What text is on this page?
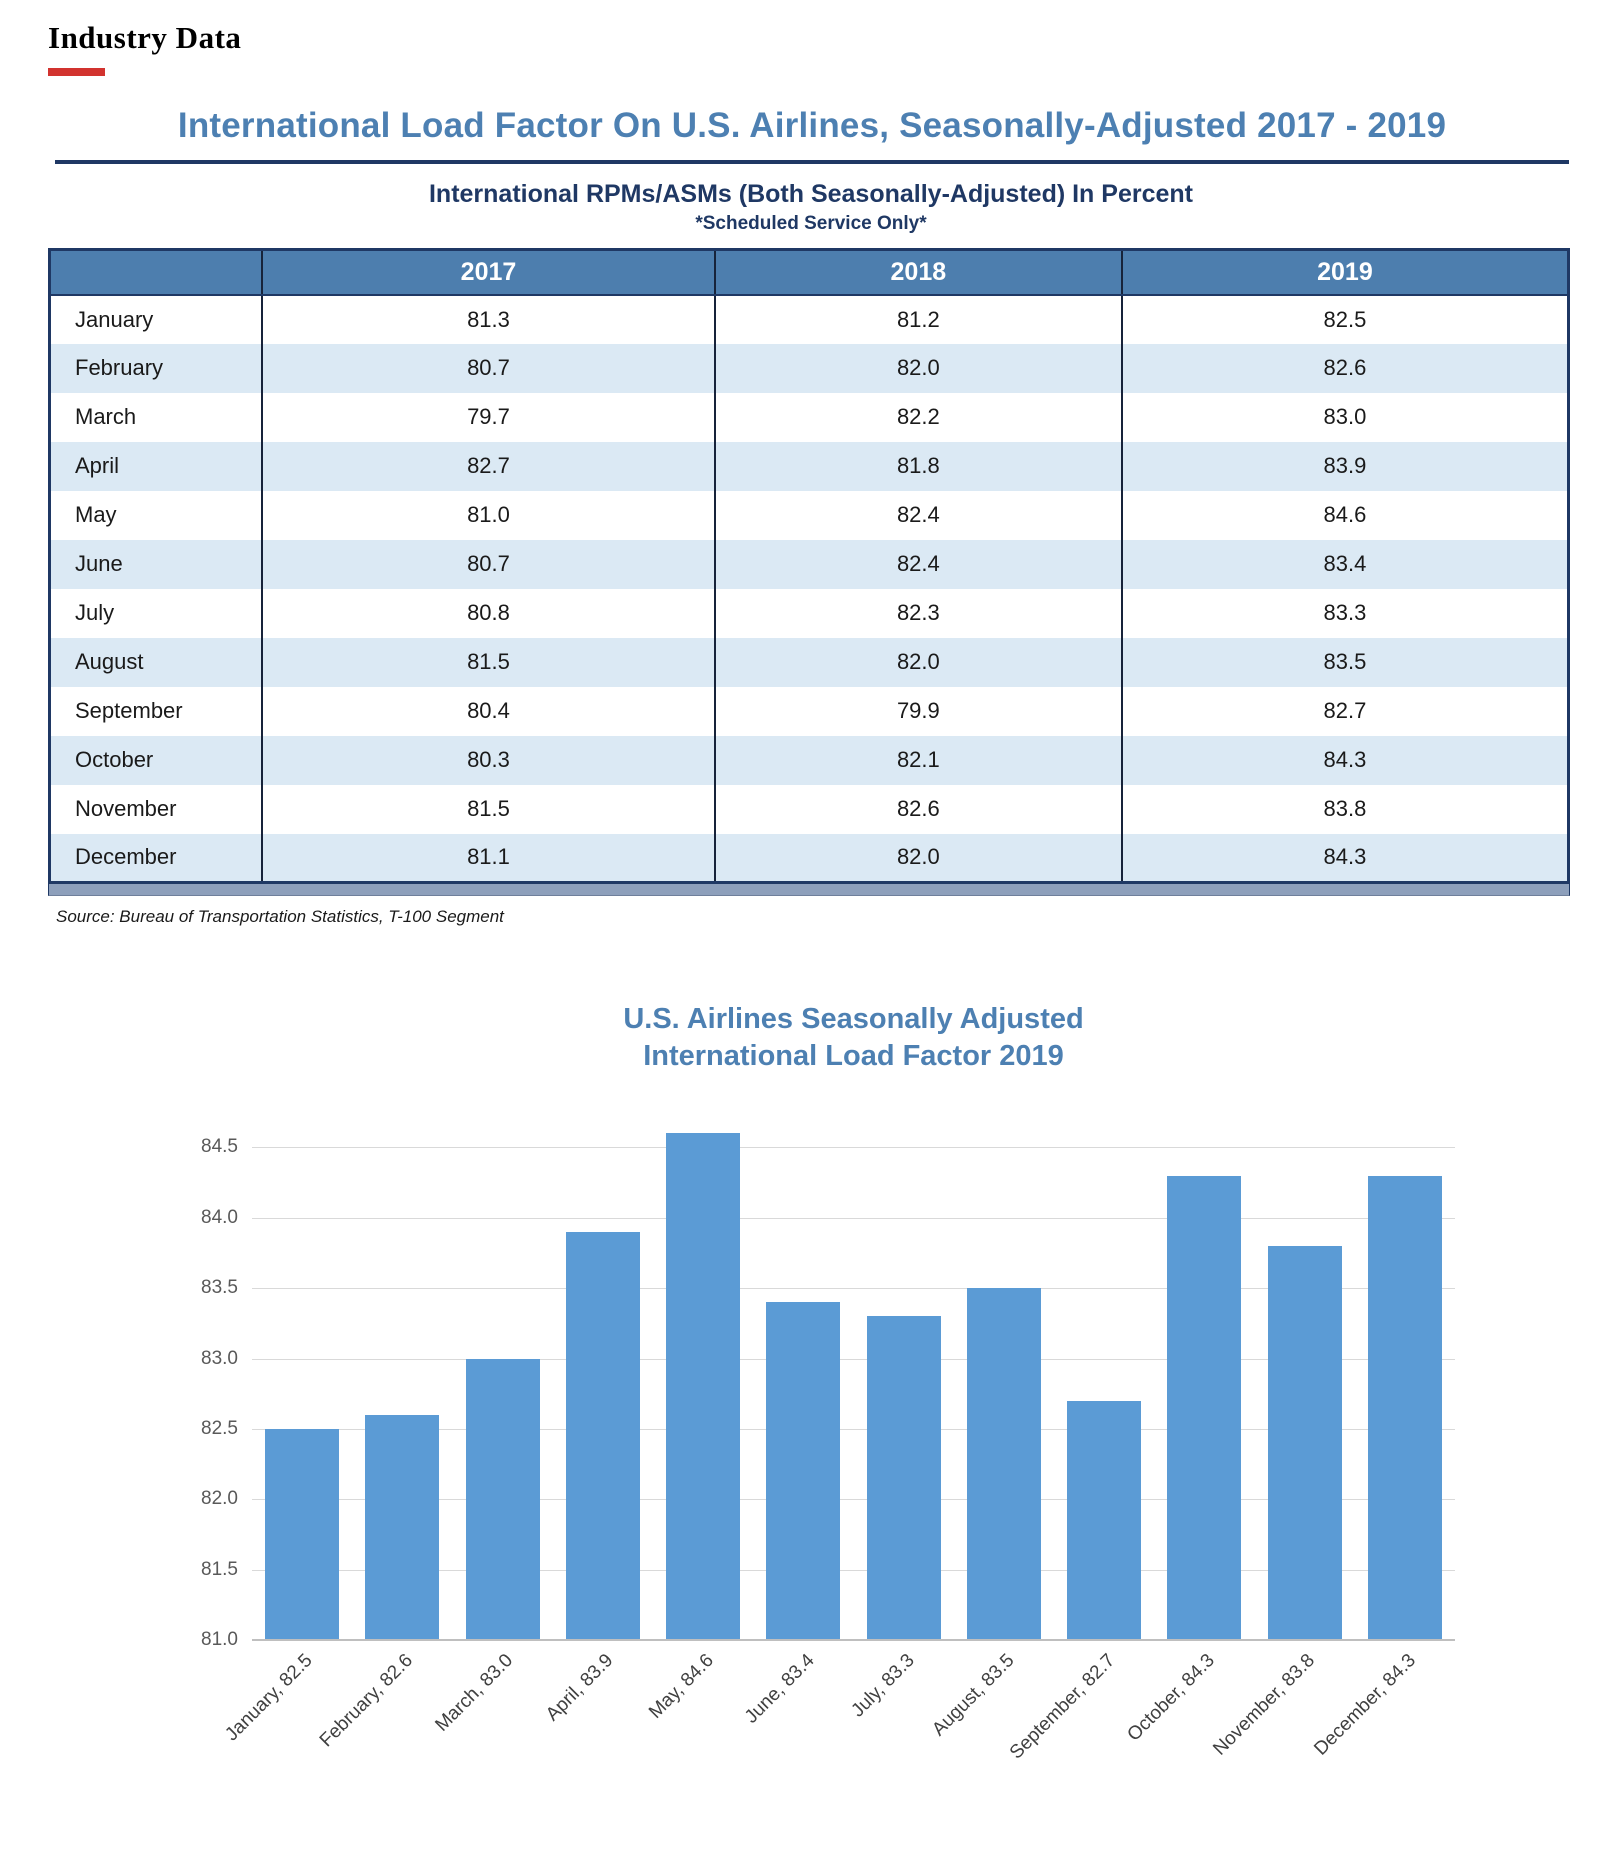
Industry Data
International Load Factor On U.S. Airlines, Seasonally-Adjusted 2017 - 2019
International RPMs/ASMs (Both Seasonally-Adjusted) In Percent
*Scheduled Service Only*
	2017	2018	2019
January	81.3	81.2	82.5
February	80.7	82.0	82.6
March	79.7	82.2	83.0
April	82.7	81.8	83.9
May	81.0	82.4	84.6
June	80.7	82.4	83.4
July	80.8	82.3	83.3
August	81.5	82.0	83.5
September	80.4	79.9	82.7
October	80.3	82.1	84.3
November	81.5	82.6	83.8
December	81.1	82.0	84.3
Source: Bureau of Transportation Statistics, T-100 Segment
U.S. Airlines Seasonally Adjusted
International Load Factor 2019
81.0
81.5
82.0
82.5
83.0
83.5
84.0
84.5
January, 82.5 February, 82.6 March, 83.0 April, 83.9 May, 84.6 June, 83.4 July, 83.3 August, 83.5
September, 82.7 October, 84.3
November, 83.8
December, 84.3
